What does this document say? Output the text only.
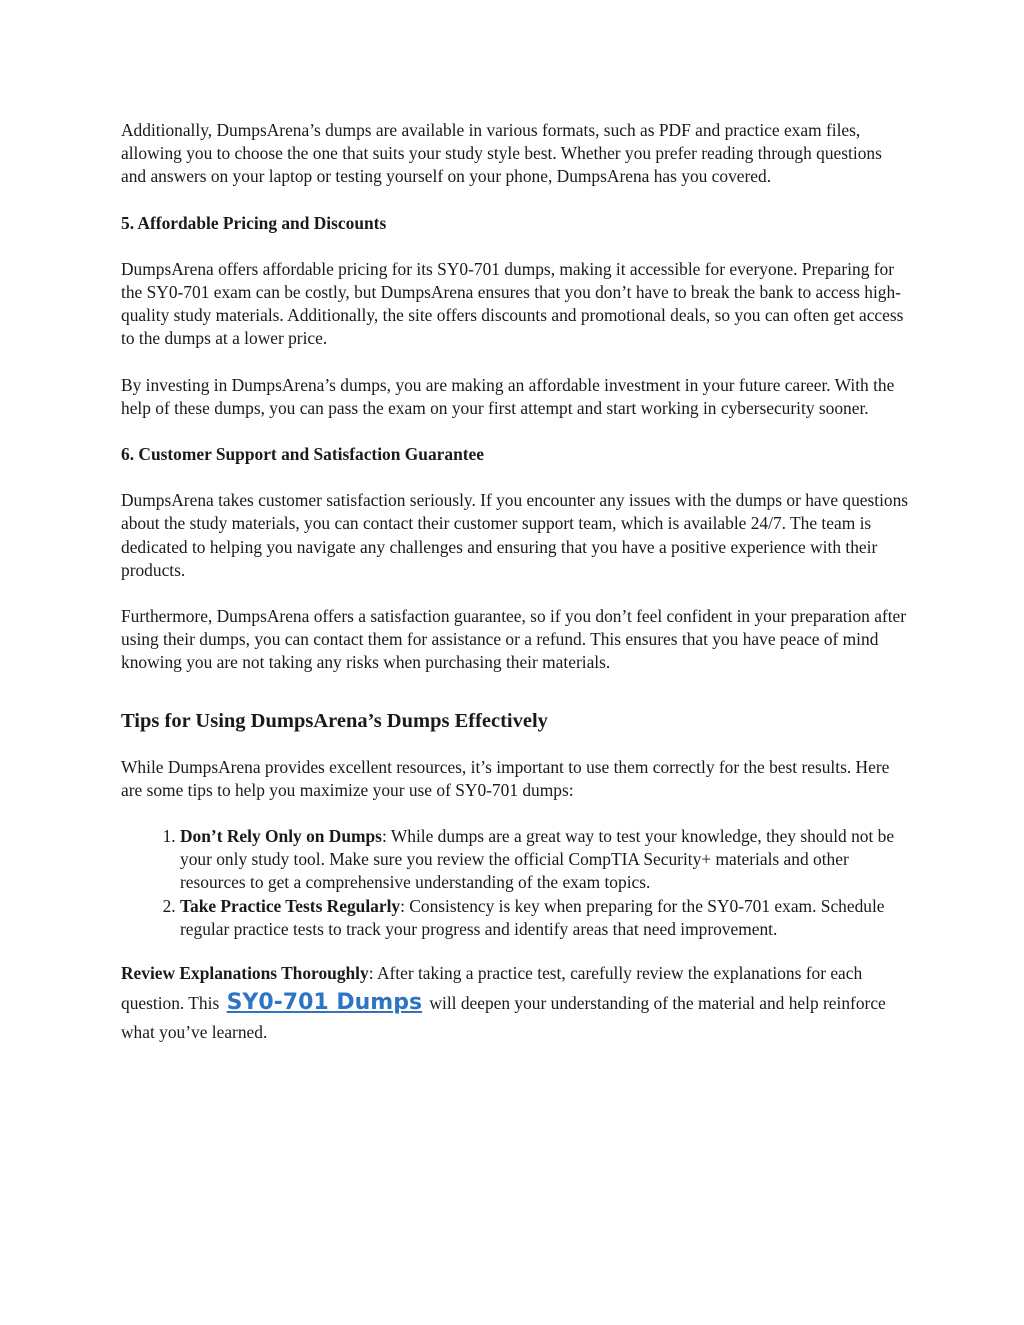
Additionally, DumpsArena’s dumps are available in various formats, such as PDF and practice exam files, allowing you to choose the one that suits your study style best. Whether you prefer reading through questions and answers on your laptop or testing yourself on your phone, DumpsArena has you covered.

5. Affordable Pricing and Discounts

DumpsArena offers affordable pricing for its SY0-701 dumps, making it accessible for everyone. Preparing for the SY0-701 exam can be costly, but DumpsArena ensures that you don’t have to break the bank to access high-quality study materials. Additionally, the site offers discounts and promotional deals, so you can often get access to the dumps at a lower price.

By investing in DumpsArena’s dumps, you are making an affordable investment in your future career. With the help of these dumps, you can pass the exam on your first attempt and start working in cybersecurity sooner.

6. Customer Support and Satisfaction Guarantee

DumpsArena takes customer satisfaction seriously. If you encounter any issues with the dumps or have questions about the study materials, you can contact their customer support team, which is available 24/7. The team is dedicated to helping you navigate any challenges and ensuring that you have a positive experience with their products.

Furthermore, DumpsArena offers a satisfaction guarantee, so if you don’t feel confident in your preparation after using their dumps, you can contact them for assistance or a refund. This ensures that you have peace of mind knowing you are not taking any risks when purchasing their materials.

Tips for Using DumpsArena’s Dumps Effectively

While DumpsArena provides excellent resources, it’s important to use them correctly for the best results. Here are some tips to help you maximize your use of SY0-701 dumps:

1. Don’t Rely Only on Dumps: While dumps are a great way to test your knowledge, they should not be your only study tool. Make sure you review the official CompTIA Security+ materials and other resources to get a comprehensive understanding of the exam topics.
2. Take Practice Tests Regularly: Consistency is key when preparing for the SY0-701 exam. Schedule regular practice tests to track your progress and identify areas that need improvement.

Review Explanations Thoroughly: After taking a practice test, carefully review the explanations for each question. This SY0-701 Dumps will deepen your understanding of the material and help reinforce what you’ve learned.
